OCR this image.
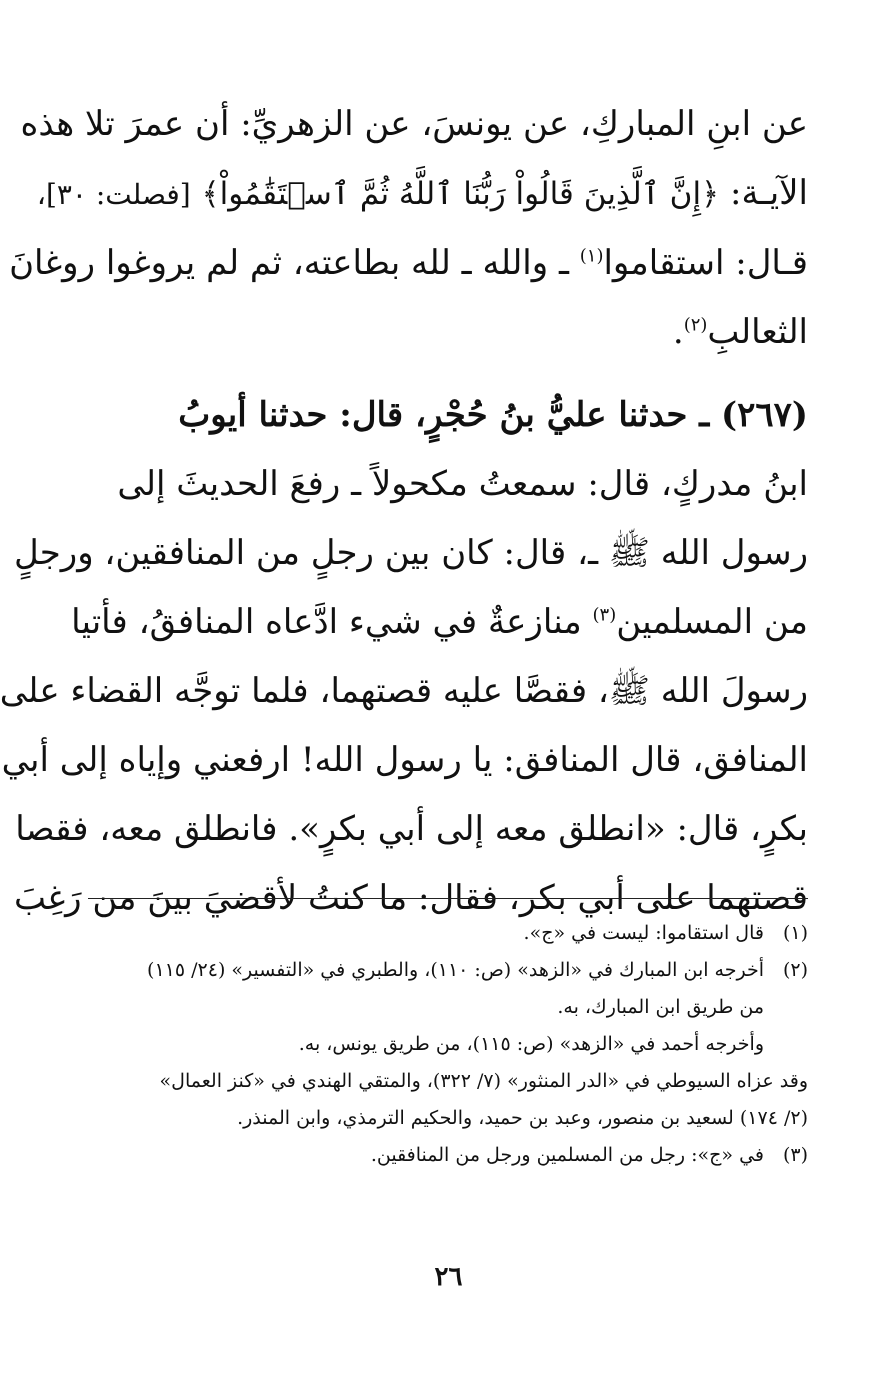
عن ابنِ المباركِ، عن يونسَ، عن الزهريِّ: أن عمرَ تلا هذه
الآيـة: ﴿إِنَّ ٱلَّذِينَ قَالُواْ رَبُّنَا ٱللَّهُ ثُمَّ ٱسۡتَقَٰمُواْ﴾ [فصلت: ٣٠]،
قـال: استقاموا$^{(١)}$ ـ والله ـ لله بطاعته، ثم لم يروغوا روغانَ
الثعالبِ$^{(٢)}$.
(٢٦٧) ـ حدثنا عليُّ بنُ حُجْرٍ، قال: حدثنا أيوبُ
ابنُ مدركٍ، قال: سمعتُ مكحولاً ـ رفعَ الحديثَ إلى
رسول الله ﷺ ـ، قال: كان بين رجلٍ من المنافقين، ورجلٍ
من المسلمين$^{(٣)}$ منازعةٌ في شيء ادَّعاه المنافقُ، فأتيا
رسولَ الله ﷺ، فقصَّا عليه قصتهما، فلما توجَّه القضاء على
المنافق، قال المنافق: يا رسول الله! ارفعني وإياه إلى أبي
بكرٍ، قال: «انطلق معه إلى أبي بكرٍ». فانطلق معه، فقصا
قصتهما على أبي بكر، فقال: ما كنتُ لأقضيَ بينَ من رَغِبَ
(١)
قال استقاموا: ليست في «ج».
(٢)
أخرجه ابن المبارك في «الزهد» (ص: ١١٠)، والطبري في «التفسير» (٢٤/ ١١٥)
من طريق ابن المبارك، به.
وأخرجه أحمد في «الزهد» (ص: ١١٥)، من طريق يونس، به.
وقد عزاه السيوطي في «الدر المنثور» (٧/ ٣٢٢)، والمتقي الهندي في «كنز العمال»
(٢/ ١٧٤) لسعيد بن منصور، وعبد بن حميد، والحكيم الترمذي، وابن المنذر.
(٣)
في «ج»: رجل من المسلمين ورجل من المنافقين.
٢٦
